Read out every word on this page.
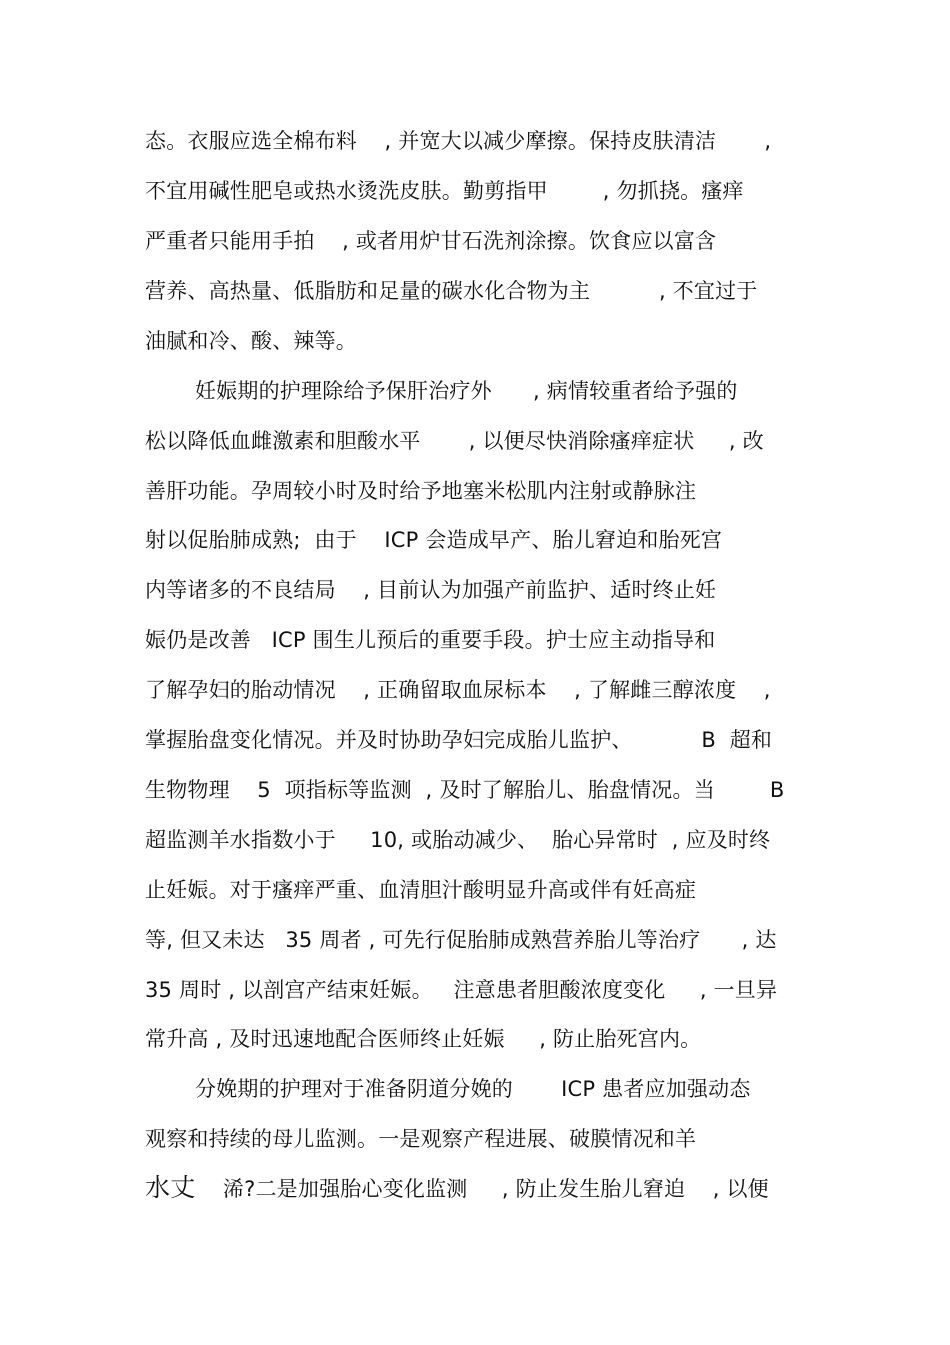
态。衣服应选全棉布料    , 并宽大以减少摩擦。保持皮肤清洁       ,
不宜用碱性肥皂或热水烫洗皮肤。勤剪指甲        , 勿抓挠。瘙痒
严重者只能用手拍    , 或者用炉甘石洗剂涂擦。饮食应以富含
营养、高热量、低脂肪和足量的碳水化合物为主          , 不宜过于
油腻和冷、酸、辣等。
妊娠期的护理除给予保肝治疗外      , 病情较重者给予强的
松以降低血雌激素和胆酸水平       , 以便尽快消除瘙痒症状     , 改
善肝功能。孕周较小时及时给予地塞米松肌内注射或静脉注
射以促胎肺成熟;  由于    ICP 会造成早产、胎儿窘迫和胎死宫
内等诸多的不良结局    , 目前认为加强产前监护、适时终止妊
娠仍是改善   ICP 围生儿预后的重要手段。护士应主动指导和
了解孕妇的胎动情况    , 正确留取血尿标本    , 了解雌三醇浓度    ,
掌握胎盘变化情况。并及时协助孕妇完成胎儿监护、          B  超和
生物物理    5  项指标等监测  , 及时了解胎儿、胎盘情况。当        B
超监测羊水指数小于     10, 或胎动减少、  胎心异常时  , 应及时终
止妊娠。对于瘙痒严重、血清胆汁酸明显升高或伴有妊高症
等, 但又未达   35 周者 , 可先行促胎肺成熟营养胎儿等治疗      , 达
35 周时 , 以剖宫产结束妊娠。   注意患者胆酸浓度变化     , 一旦异
常升高 , 及时迅速地配合医师终止妊娠     , 防止胎死宫内。
分娩期的护理对于准备阴道分娩的       ICP 患者应加强动态
观察和持续的母儿监测。一是观察产程进展、破膜情况和羊
水丈 浠?二是加强胎心变化监测     , 防止发生胎儿窘迫    , 以便
